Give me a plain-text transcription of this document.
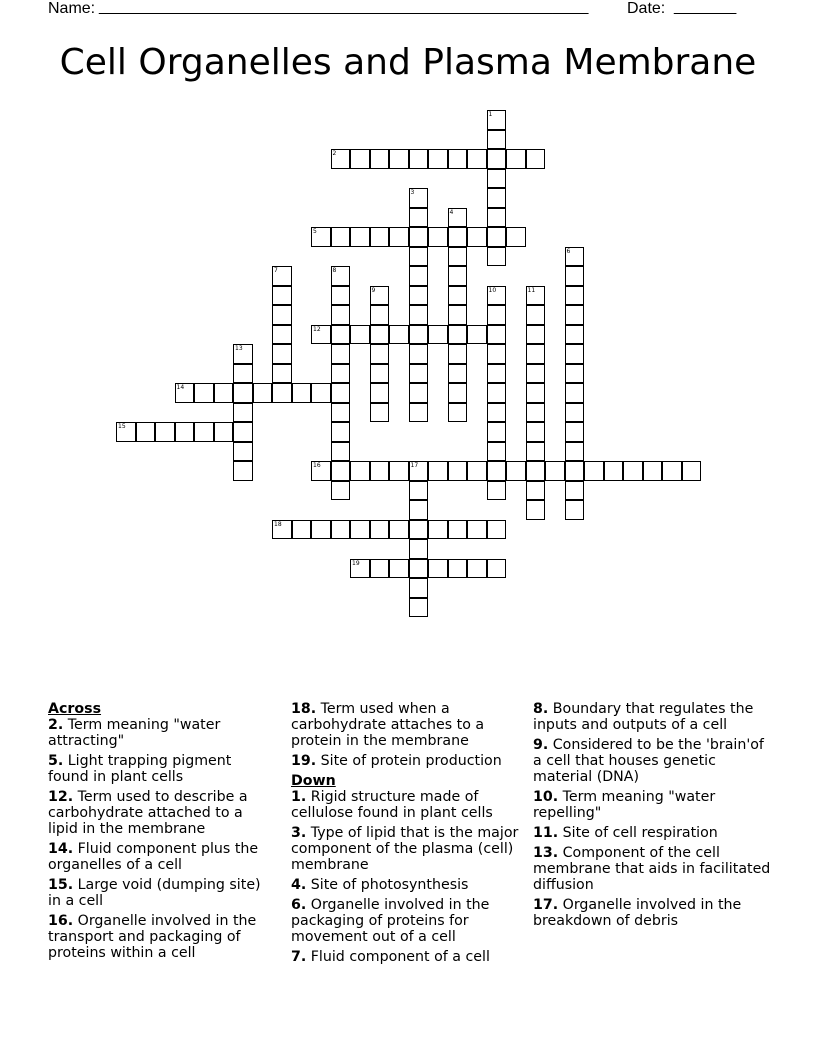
Name: _______________________________________________________ Date: _______
Cell Organelles and Plasma Membrane
1
2
3
4
5
6
7	8
9	10	11
12
13
14
15
16	17
18
19
Across
2. Term meaning "water attracting"
5. Light trapping pigment found in plant cells
12. Term used to describe a carbohydrate attached to a lipid in the membrane
14. Fluid component plus the organelles of a cell
15. Large void (dumping site) in a cell
16. Organelle involved in the transport and packaging of proteins within a cell
18. Term used when a carbohydrate attaches to a protein in the membrane
19. Site of protein production
Down
1. Rigid structure made of cellulose found in plant cells
3. Type of lipid that is the major component of the plasma (cell) membrane
4. Site of photosynthesis
6. Organelle involved in the packaging of proteins for movement out of a cell
7. Fluid component of a cell
8. Boundary that regulates the inputs and outputs of a cell
9. Considered to be the 'brain'of a cell that houses genetic material (DNA)
10. Term meaning "water repelling"
11. Site of cell respiration
13. Component of the cell membrane that aids in facilitated diffusion
17. Organelle involved in the breakdown of debris
